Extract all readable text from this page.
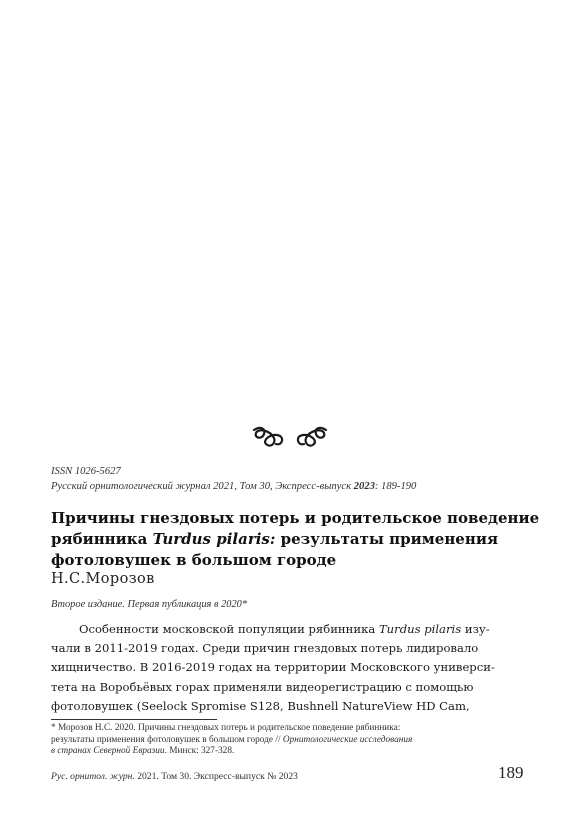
ISSN 1026-5627
Русский орнитологический журнал 2021, Том 30, Экспресс-выпуск 2023: 189-190
Причины гнездовых потерь и родительское поведение рябинника Turdus pilaris: результаты применения фотоловушек в большом городе
Н.С.Морозов
Второе издание. Первая публикация в 2020*
Особенности московской популяции рябинника Turdus pilaris изу-
чали в 2011-2019 годах. Среди причин гнездовых потерь лидировало
хищничество. В 2016-2019 годах на территории Московского универси-
тета на Воробьёвых горах применяли видеорегистрацию с помощью
фотоловушек (Seelock Spromise S128, Bushnell NatureView HD Cam,
* Морозов Н.С. 2020. Причины гнездовых потерь и родительское поведение рябинника:
результаты применения фотоловушек в большом городе // Орнитологические исследования
в странах Северной Евразии. Минск: 327-328.
Рус. орнитол. журн. 2021. Том 30. Экспресс-выпуск № 2023	189
